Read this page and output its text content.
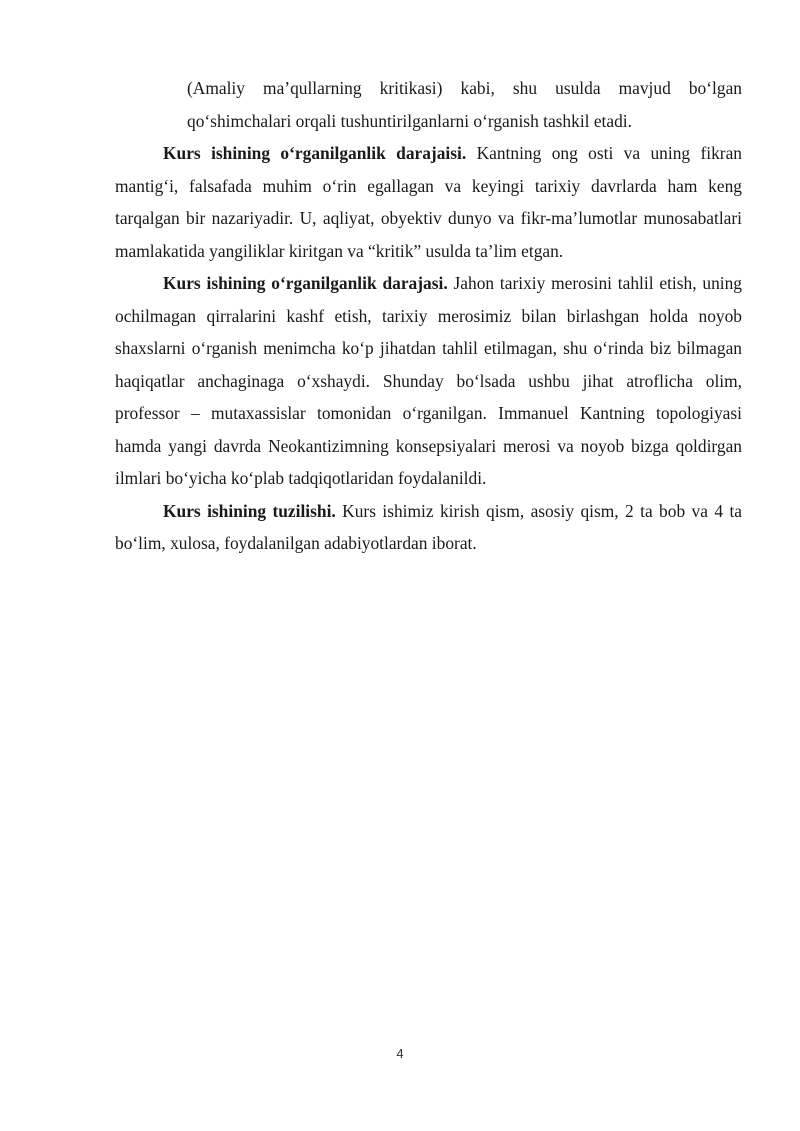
(Amaliy ma’qullarning kritikasi) kabi, shu usulda mavjud bo‘lgan qo‘shimchalari orqali tushuntirilganlarni o‘rganish tashkil etadi.

Kurs ishining o‘rganilganlik darajaisi. Kantning ong osti va uning fikran mantig‘i, falsafada muhim o‘rin egallagan va keyingi tarixiy davrlarda ham keng tarqalgan bir nazariyadir. U, aqliyat, obyektiv dunyo va fikr-ma’lumotlar munosabatlari mamlakatida yangiliklar kiritgan va “kritik” usulda ta’lim etgan.

Kurs ishining o‘rganilganlik darajasi. Jahon tarixiy merosini tahlil etish, uning ochilmagan qirralarini kashf etish, tarixiy merosimiz bilan birlashgan holda noyob shaxslarni o‘rganish menimcha ko‘p jihatdan tahlil etilmagan, shu o‘rinda biz bilmagan haqiqatlar anchaginaga o‘xshaydi. Shunday bo‘lsada ushbu jihat atroflicha olim, professor – mutaxassislar tomonidan o‘rganilgan. Immanuel Kantning topologiyasi hamda yangi davrda Neokantizimning konsepsiyalari merosi va noyob bizga qoldirgan ilmlari bo‘yicha ko‘plab tadqiqotlaridan foydalanildi.

Kurs ishining tuzilishi. Kurs ishimiz kirish qism, asosiy qism, 2 ta bob va 4 ta bo‘lim, xulosa, foydalanilgan adabiyotlardan iborat.

4
